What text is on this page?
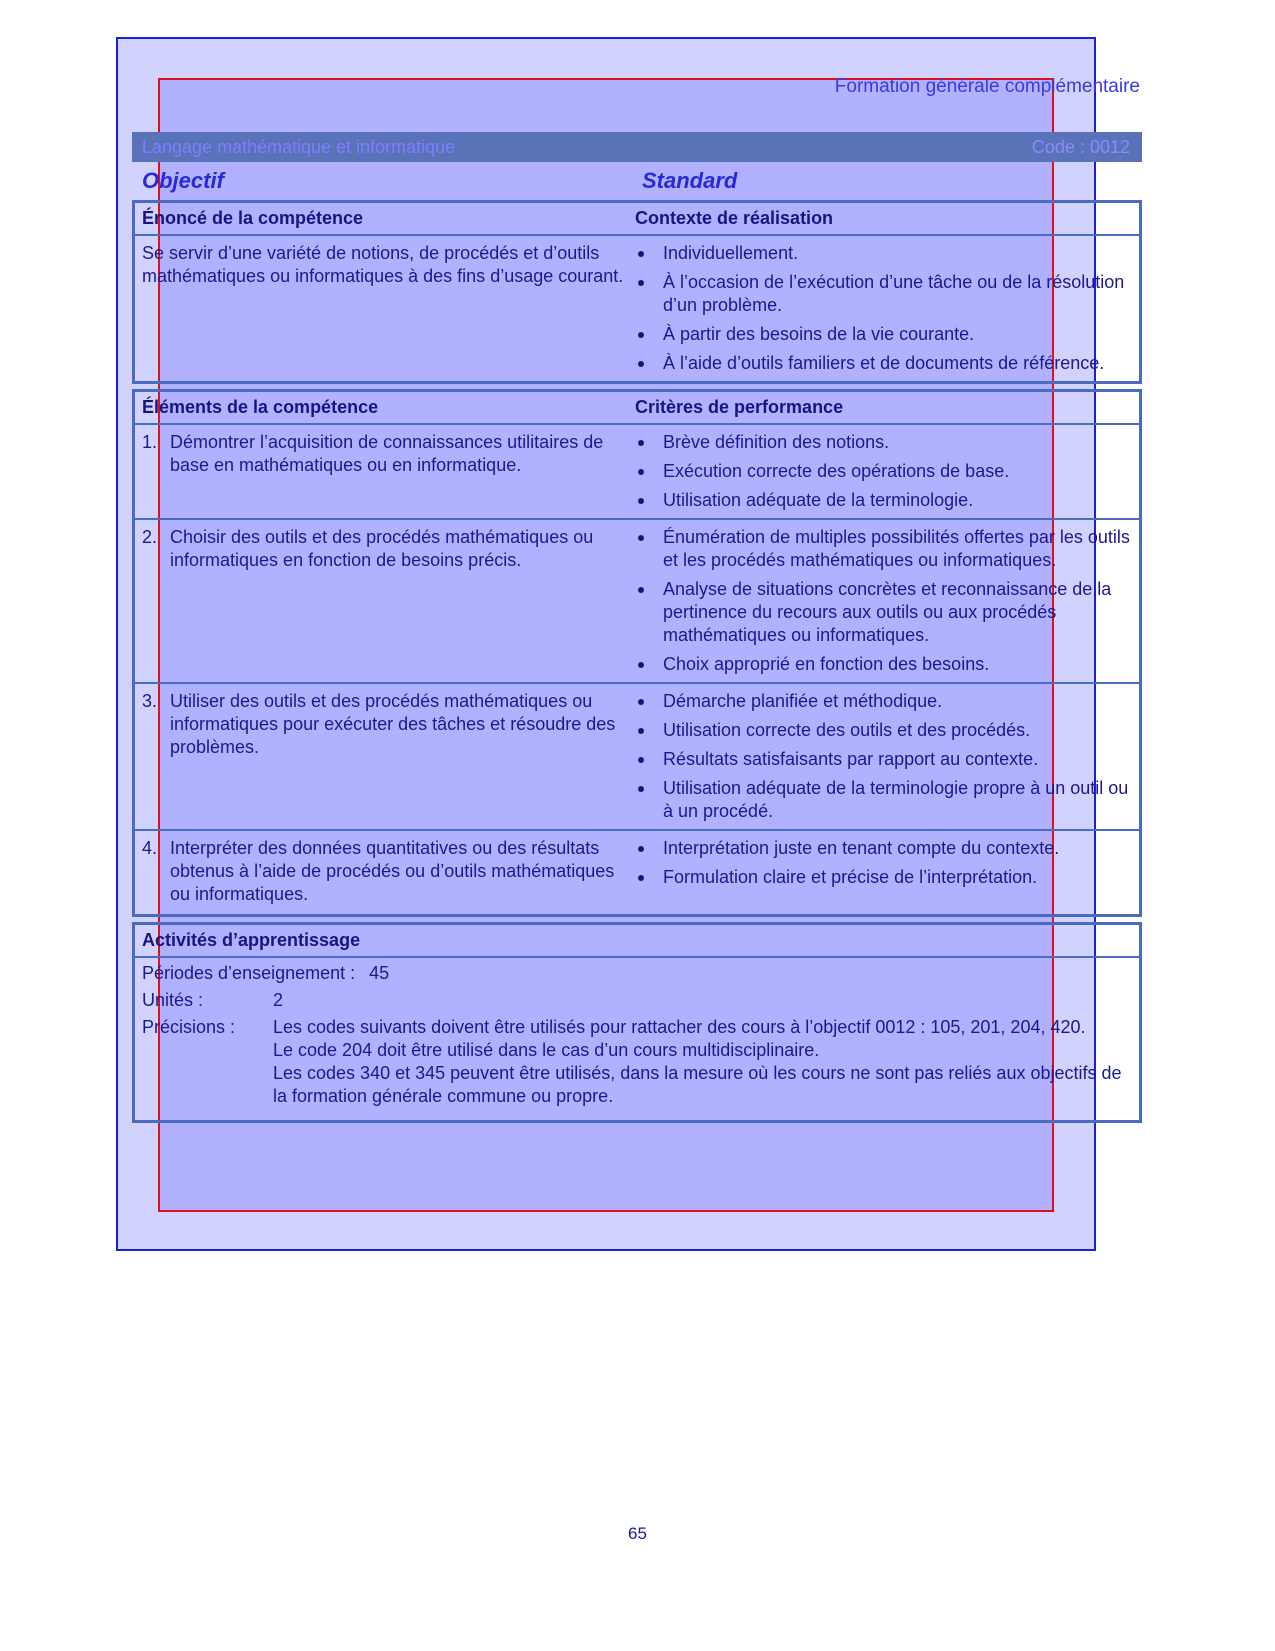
Formation générale complémentaire
Langage mathématique et informatique	Code : 0012
Objectif	Standard
Énoncé de la compétence	Contexte de réalisation
Se servir d’une variété de notions, de procédés et d’outils mathématiques ou informatiques à des fins d’usage courant.
Individuellement.
À l’occasion de l’exécution d’une tâche ou de la résolution d’un problème.
À partir des besoins de la vie courante.
À l’aide d’outils familiers et de documents de référence.
Éléments de la compétence	Critères de performance
1. Démontrer l’acquisition de connaissances utilitaires de base en mathématiques ou en informatique.
Brève définition des notions.
Exécution correcte des opérations de base.
Utilisation adéquate de la terminologie.
2. Choisir des outils et des procédés mathématiques ou informatiques en fonction de besoins précis.
Énumération de multiples possibilités offertes par les outils et les procédés mathématiques ou informatiques.
Analyse de situations concrètes et reconnaissance de la pertinence du recours aux outils ou aux procédés mathématiques ou informatiques.
Choix approprié en fonction des besoins.
3. Utiliser des outils et des procédés mathématiques ou informatiques pour exécuter des tâches et résoudre des problèmes.
Démarche planifiée et méthodique.
Utilisation correcte des outils et des procédés.
Résultats satisfaisants par rapport au contexte.
Utilisation adéquate de la terminologie propre à un outil ou à un procédé.
4. Interpréter des données quantitatives ou des résultats obtenus à l’aide de procédés ou d’outils mathématiques ou informatiques.
Interprétation juste en tenant compte du contexte.
Formulation claire et précise de l’interprétation.
Activités d’apprentissage
Périodes d’enseignement : 45
Unités :	2
Précisions :	Les codes suivants doivent être utilisés pour rattacher des cours à l’objectif 0012 : 105, 201, 204, 420.

Le code 204 doit être utilisé dans le cas d’un cours multidisciplinaire.

Les codes 340 et 345 peuvent être utilisés, dans la mesure où les cours ne sont pas reliés aux objectifs de la formation générale commune ou propre.

65
